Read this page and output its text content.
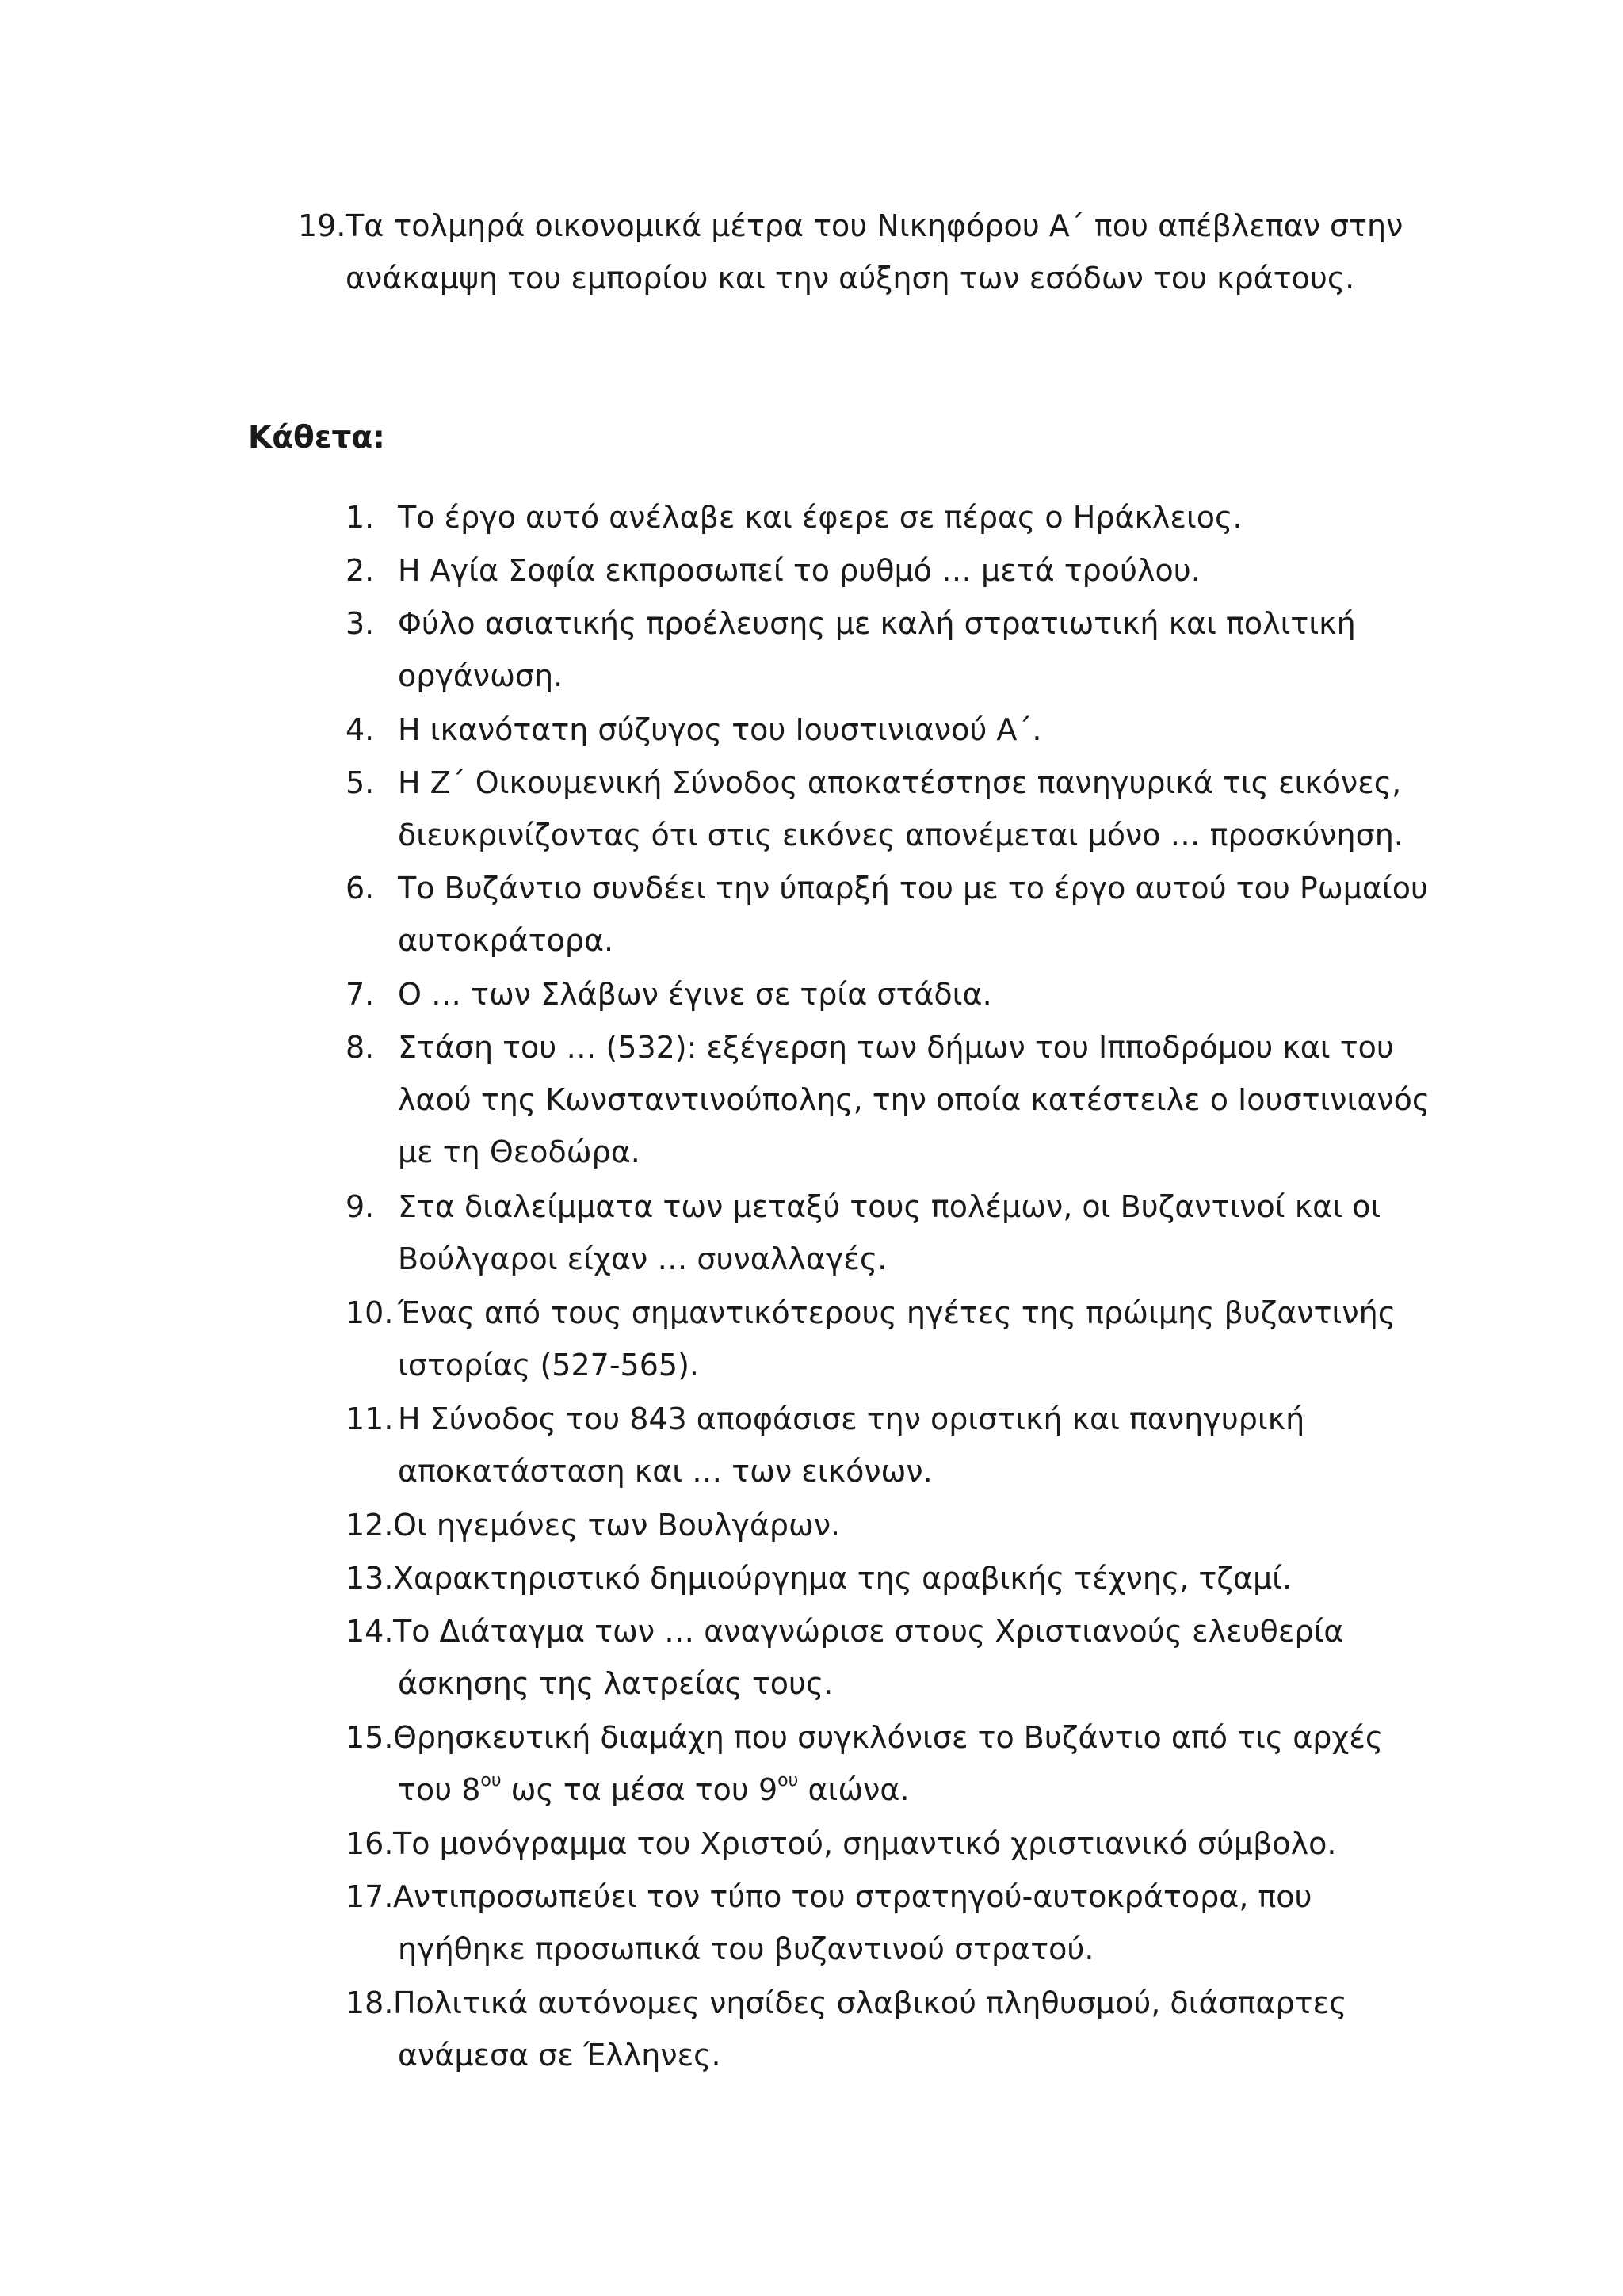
19. Τα τολμηρά οικονομικά μέτρα του Νικηφόρου Α΄ που απέβλεπαν στην
ανάκαμψη του εμπορίου και την αύξηση των εσόδων του κράτους.
Κάθετα:
1. Το έργο αυτό ανέλαβε και έφερε σε πέρας ο Ηράκλειος.
2. Η Αγία Σοφία εκπροσωπεί το ρυθμό … μετά τρούλου.
3. Φύλο ασιατικής προέλευσης με καλή στρατιωτική και πολιτική
οργάνωση.
4. Η ικανότατη σύζυγος του Ιουστινιανού Α΄.
5. Η Ζ΄ Οικουμενική Σύνοδος αποκατέστησε πανηγυρικά τις εικόνες,
διευκρινίζοντας ότι στις εικόνες απονέμεται μόνο … προσκύνηση.
6. Το Βυζάντιο συνδέει την ύπαρξή του με το έργο αυτού του Ρωμαίου
αυτοκράτορα.
7. Ο … των Σλάβων έγινε σε τρία στάδια.
8. Στάση του … (532): εξέγερση των δήμων του Ιπποδρόμου και του
λαού της Κωνσταντινούπολης, την οποία κατέστειλε ο Ιουστινιανός
με τη Θεοδώρα.
9. Στα διαλείμματα των μεταξύ τους πολέμων, οι Βυζαντινοί και οι
Βούλγαροι είχαν … συναλλαγές.
10. Ένας από τους σημαντικότερους ηγέτες της πρώιμης βυζαντινής
ιστορίας (527-565).
11. Η Σύνοδος του 843 αποφάσισε την οριστική και πανηγυρική
αποκατάσταση και … των εικόνων.
12. Οι ηγεμόνες των Βουλγάρων.
13. Χαρακτηριστικό δημιούργημα της αραβικής τέχνης, τζαμί.
14. Το Διάταγμα των … αναγνώρισε στους Χριστιανούς ελευθερία
άσκησης της λατρείας τους.
15. Θρησκευτική διαμάχη που συγκλόνισε το Βυζάντιο από τις αρχές
του $8^{o\upsilon}$ ως τα μέσα του $9^{o\upsilon}$ αιώνα.
16. Το μονόγραμμα του Χριστού, σημαντικό χριστιανικό σύμβολο.
17. Αντιπροσωπεύει τον τύπο του στρατηγού-αυτοκράτορα, που
ηγήθηκε προσωπικά του βυζαντινού στρατού.
18. Πολιτικά αυτόνομες νησίδες σλαβικού πληθυσμού, διάσπαρτες
ανάμεσα σε Έλληνες.
